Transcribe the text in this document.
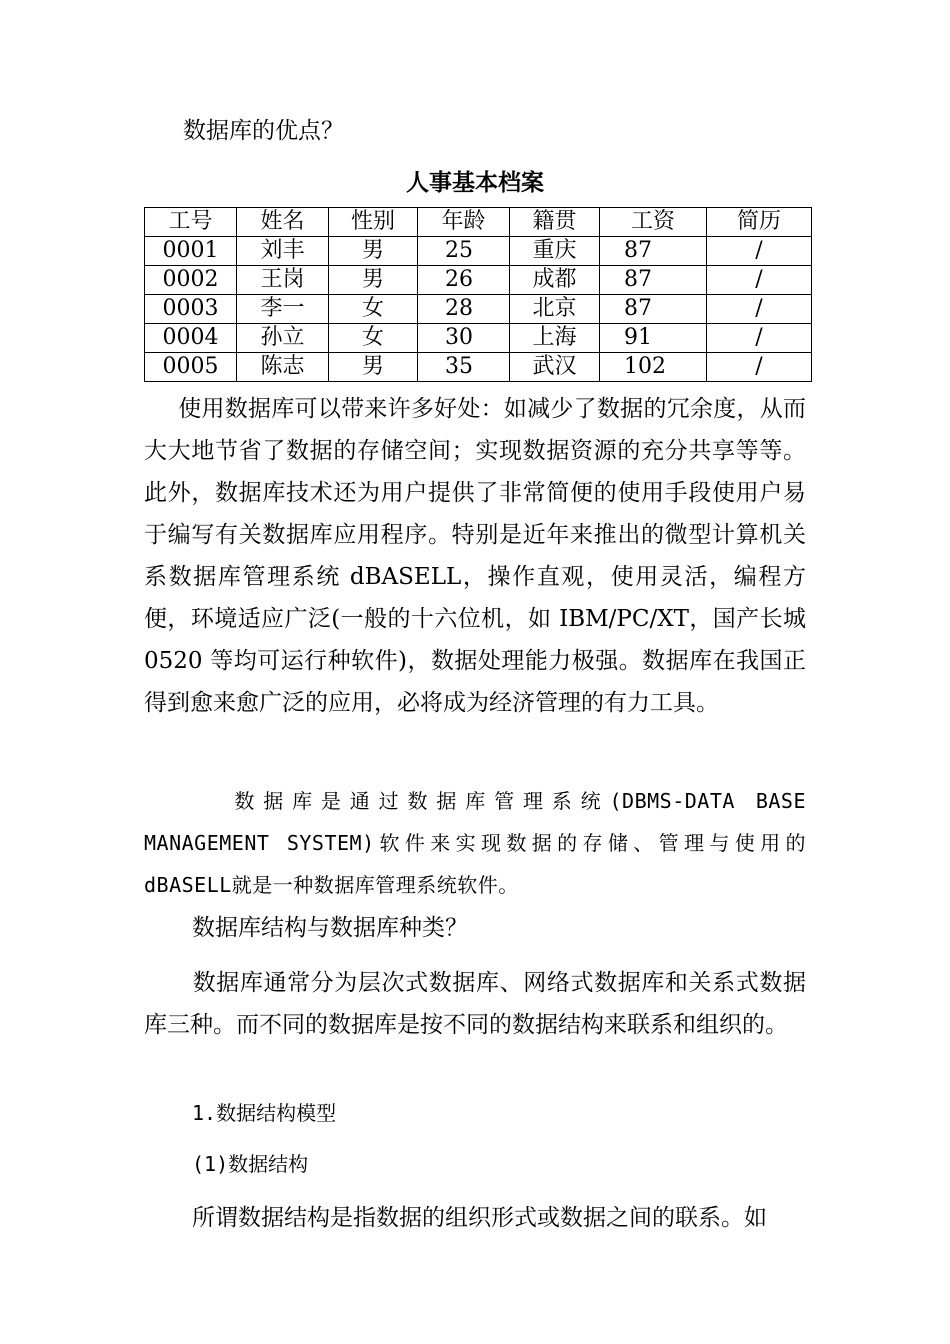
数据库的优点？
人事基本档案
工号	姓名	性别	年龄	籍贯	工资	简历
0001	刘丰	男	25	重庆	87	/
0002	王岗	男	26	成都	87	/
0003	李一	女	28	北京	87	/
0004	孙立	女	30	上海	91	/
0005	陈志	男	35	武汉	102	/
使用数据库可以带来许多好处：如减少了数据的冗余度，从而大大地节省了数据的存储空间；实现数据资源的充分共享等等。此外，数据库技术还为用户提供了非常简便的使用手段使用户易于编写有关数据库应用程序。特别是近年来推出的微型计算机关系数据库管理系统 dBASELL，操作直观，使用灵活，编程方便，环境适应广泛(一般的十六位机，如 IBM/PC/XT，国产长城 0520 等均可运行种软件)，数据处理能力极强。数据库在我国正得到愈来愈广泛的应用，必将成为经济管理的有力工具。
数据库是通过数据库管理系统(DBMS-DATA BASE MANAGEMENT SYSTEM)软件来实现数据的存储、管理与使用的dBASELL就是一种数据库管理系统软件。
数据库结构与数据库种类？
数据库通常分为层次式数据库、网络式数据库和关系式数据库三种。而不同的数据库是按不同的数据结构来联系和组织的。
1.数据结构模型
(1)数据结构
所谓数据结构是指数据的组织形式或数据之间的联系。如
